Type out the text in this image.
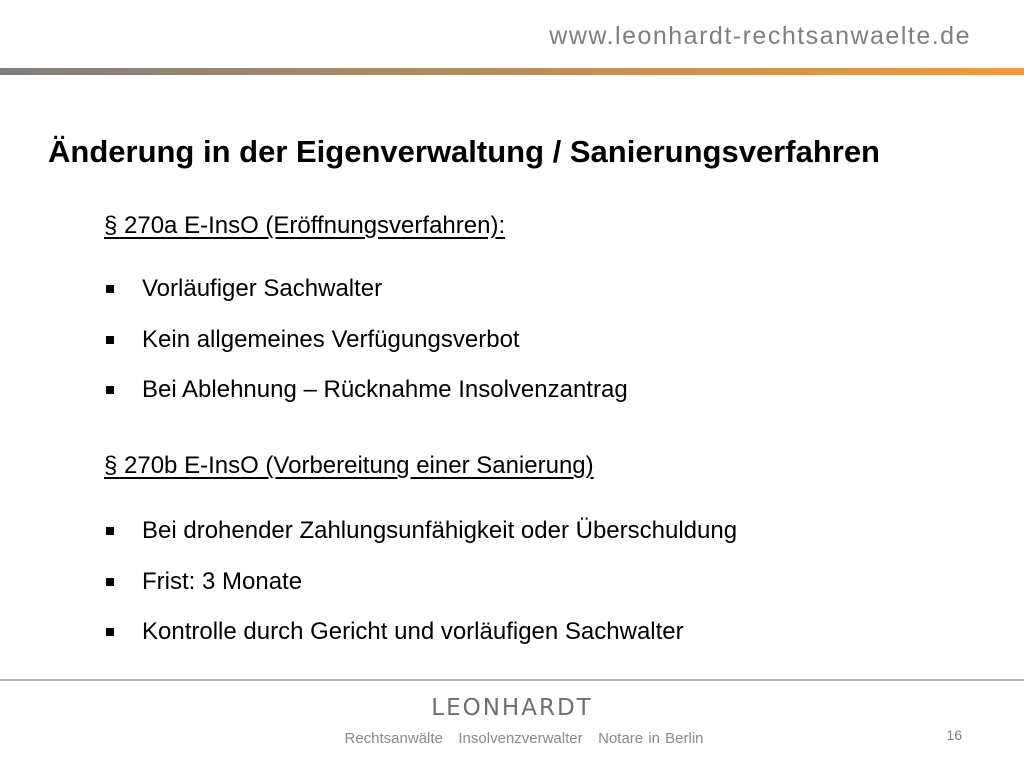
www.leonhardt-rechtsanwaelte.de
Änderung in der Eigenverwaltung / Sanierungsverfahren
§ 270a E-InsO (Eröffnungsverfahren):
Vorläufiger Sachwalter
Kein allgemeines Verfügungsverbot
Bei Ablehnung – Rücknahme Insolvenzantrag
§ 270b E-InsO (Vorbereitung einer Sanierung)
Bei drohender Zahlungsunfähigkeit oder Überschuldung
Frist: 3 Monate
Kontrolle durch Gericht und vorläufigen Sachwalter
LEONHARDT
Rechtsanwälte   Insolvenzverwalter   Notare in Berlin	16
